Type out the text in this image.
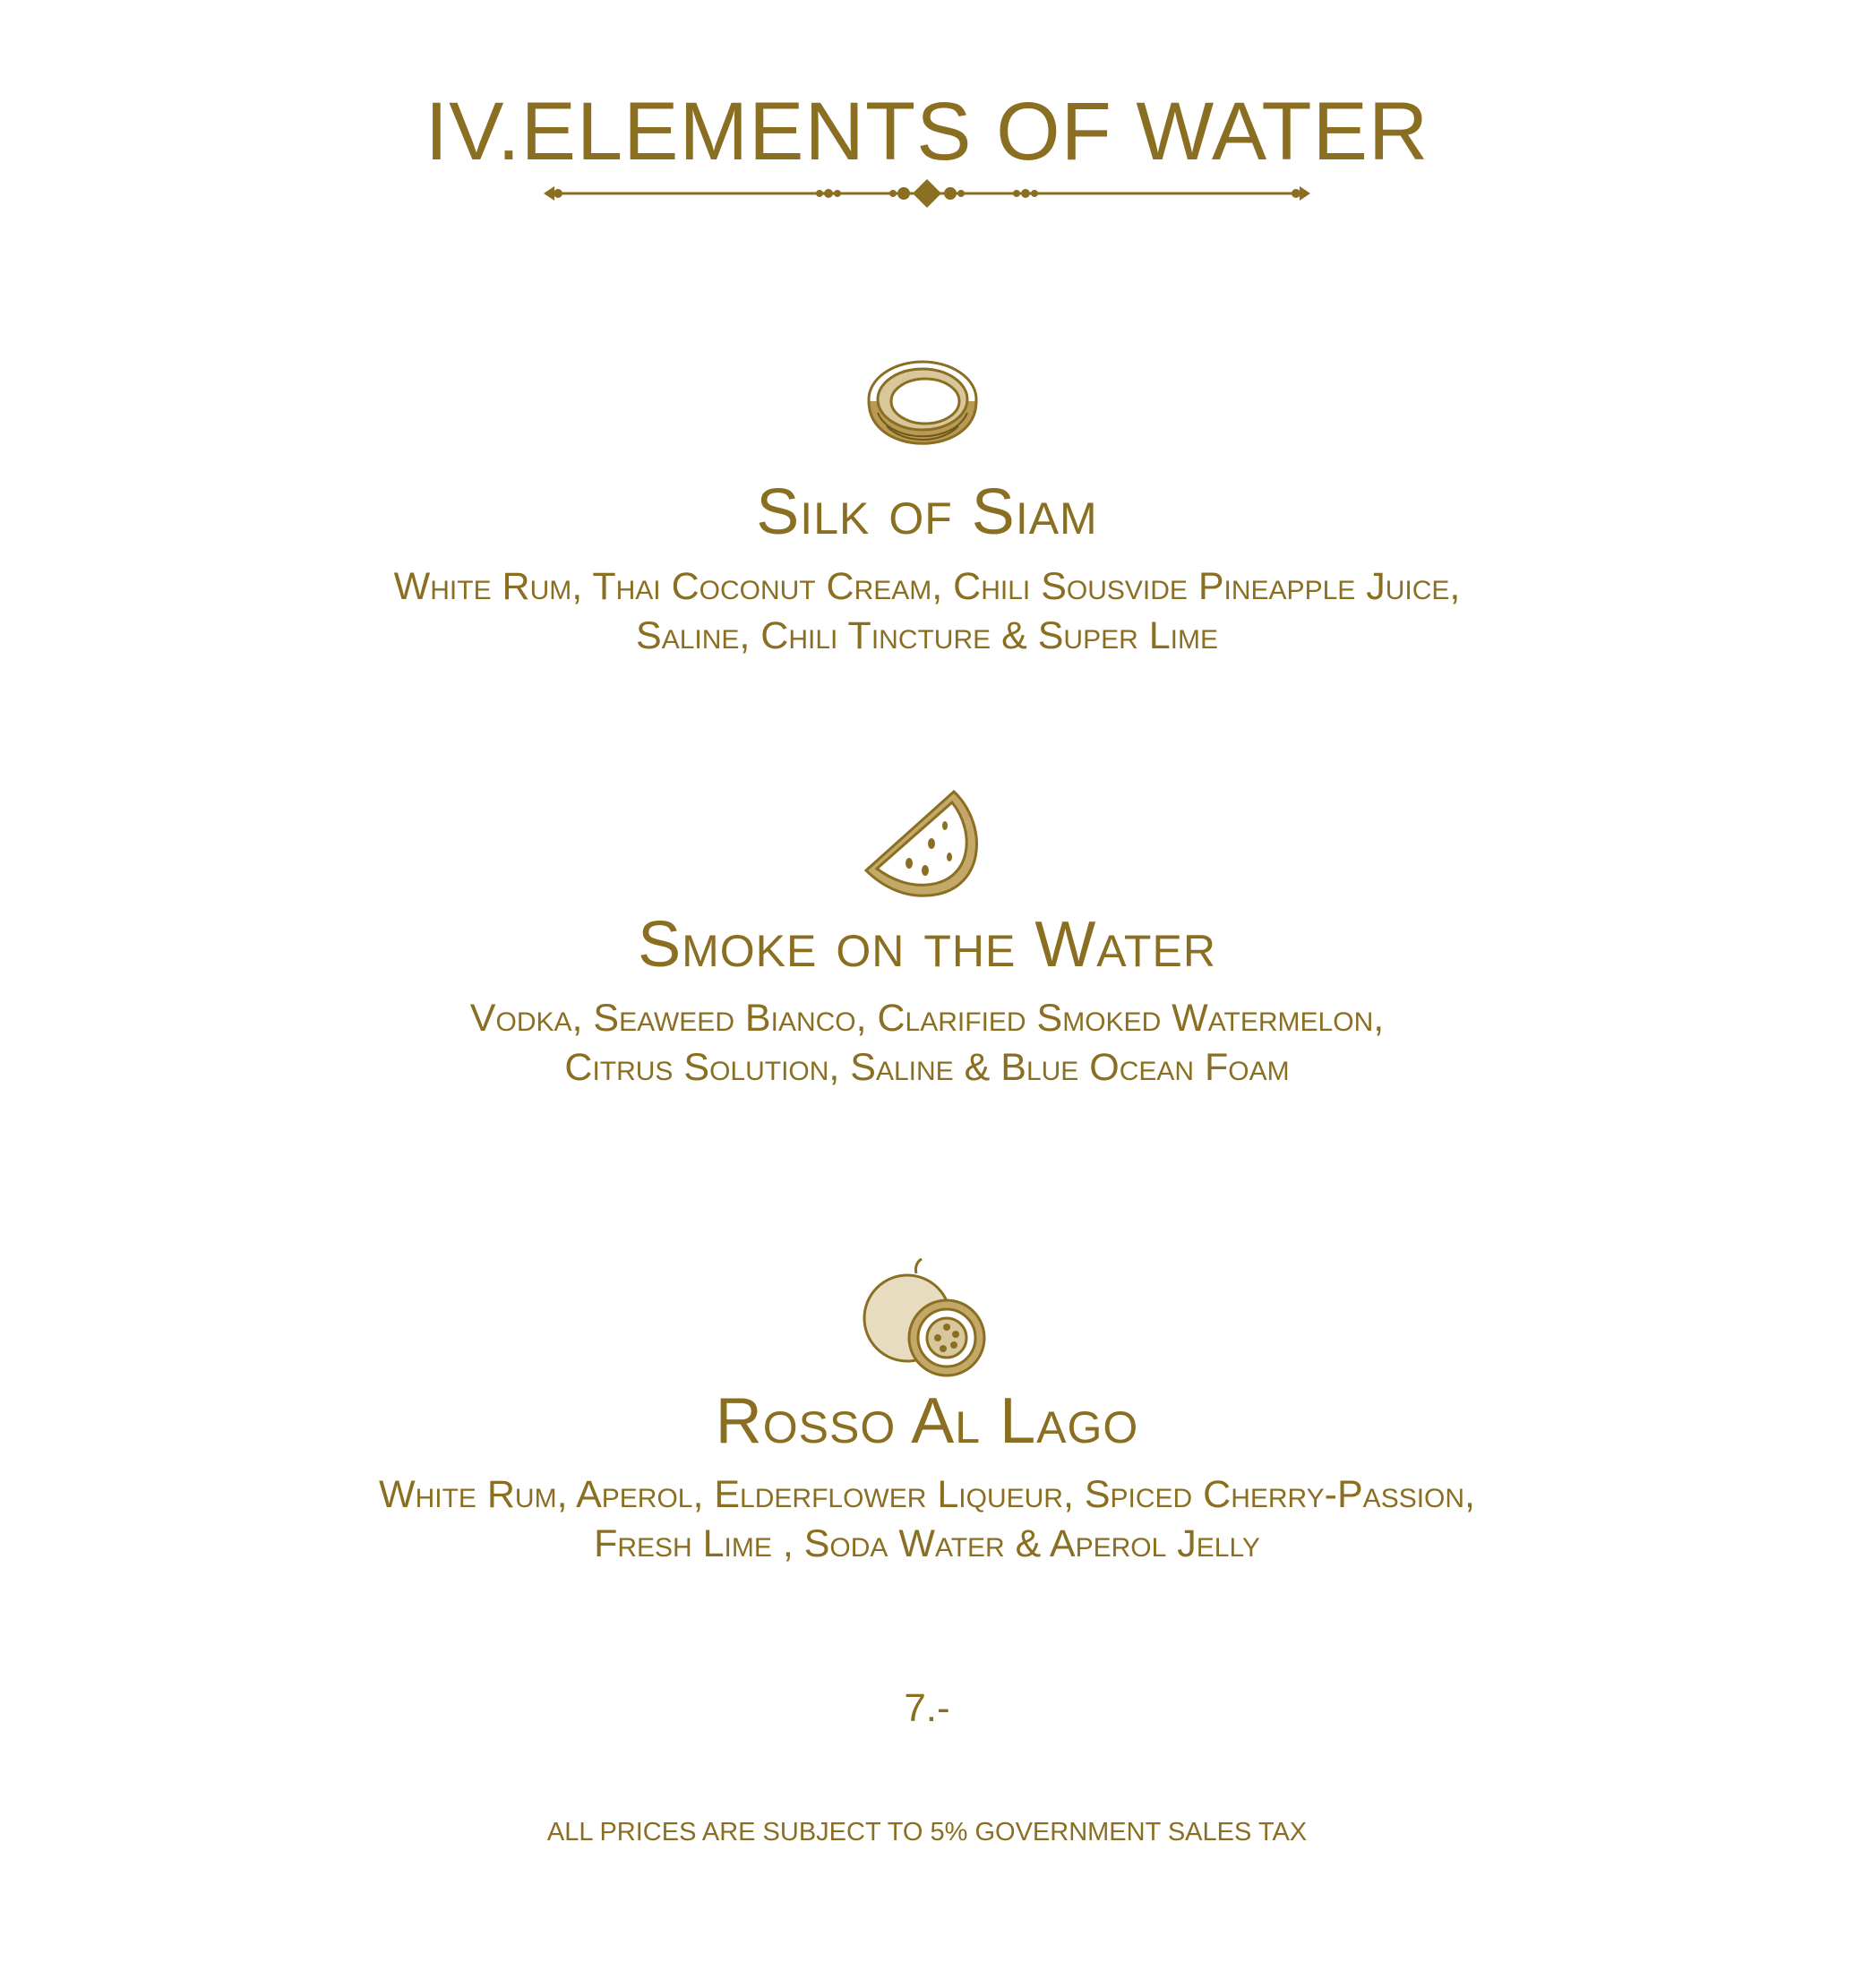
IV.ELEMENTS OF WATER
Silk of Siam
White Rum, Thai Coconut Cream, Chili Sousvide Pineapple Juice,
Saline, Chili Tincture & Super Lime
Smoke on the Water
Vodka, Seaweed Bianco, Clarified Smoked Watermelon,
Citrus Solution, Saline & Blue Ocean Foam
Rosso Al Lago
White Rum, Aperol, Elderflower Liqueur, Spiced Cherry-Passion,
Fresh Lime , Soda Water & Aperol Jelly
7.-
ALL PRICES ARE SUBJECT TO 5% GOVERNMENT SALES TAX
